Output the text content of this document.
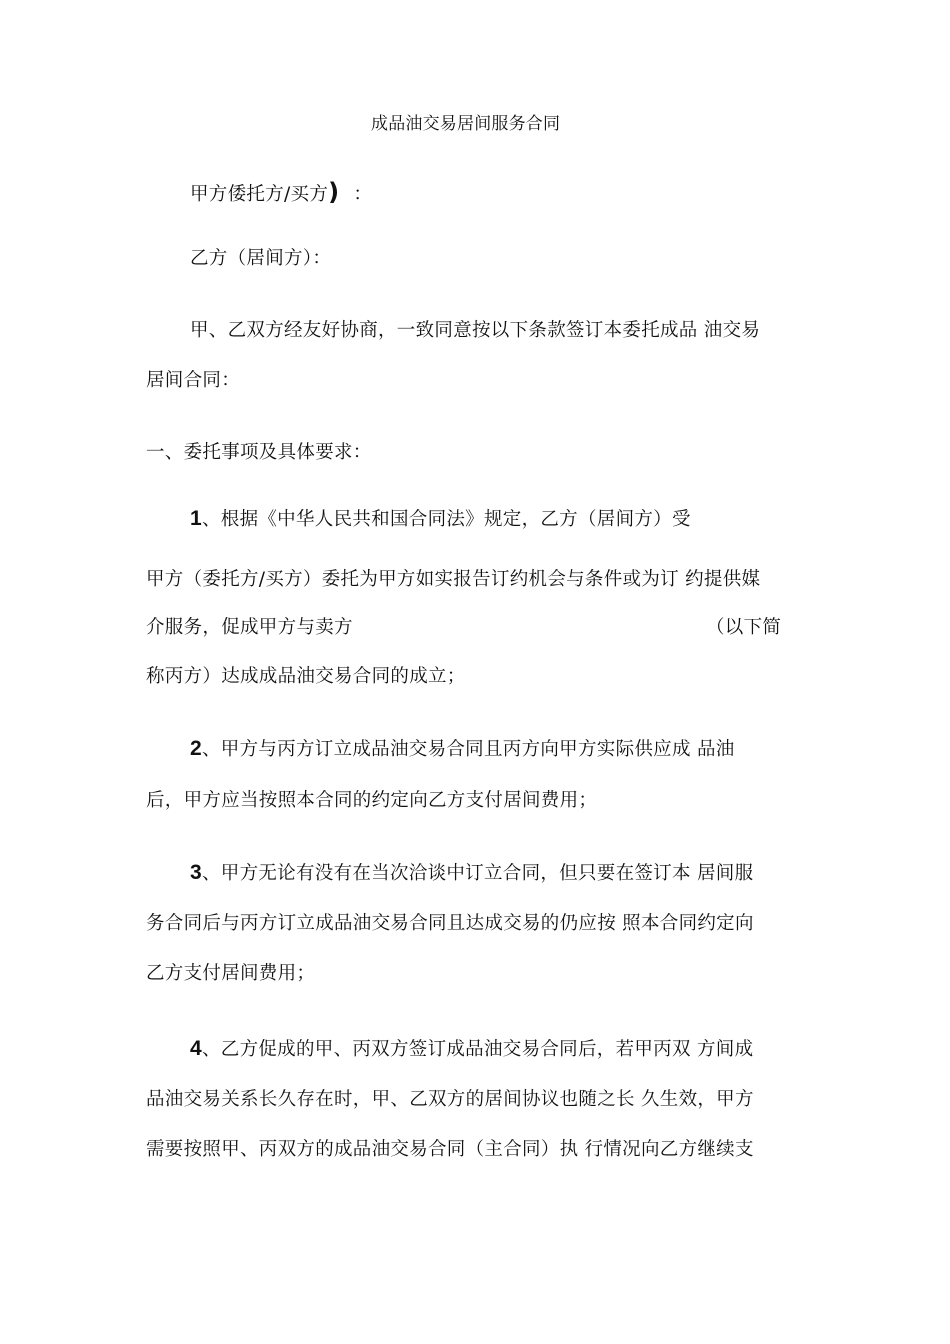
成品油交易居间服务合同
甲方倭托方/买方) ：
乙方（居间方）：
甲、乙双方经友好协商，一致同意按以下条款签订本委托成品 油交易
居间合同：
一、委托事项及具体要求：
1、根据《中华人民共和国合同法》规定，乙方（居间方）受
甲方（委托方/买方）委托为甲方如实报告订约机会与条件或为订 约提供媒
介服务，促成甲方与卖方	（以下简
称丙方）达成成品油交易合同的成立；
2、甲方与丙方订立成品油交易合同且丙方向甲方实际供应成 品油
后，甲方应当按照本合同的约定向乙方支付居间费用；
3、甲方无论有没有在当次洽谈中订立合同，但只要在签订本 居间服
务合同后与丙方订立成品油交易合同且达成交易的仍应按 照本合同约定向
乙方支付居间费用；
4、乙方促成的甲、丙双方签订成品油交易合同后，若甲丙双 方间成
品油交易关系长久存在时，甲、乙双方的居间协议也随之长 久生效，甲方
需要按照甲、丙双方的成品油交易合同（主合同）执 行情况向乙方继续支
